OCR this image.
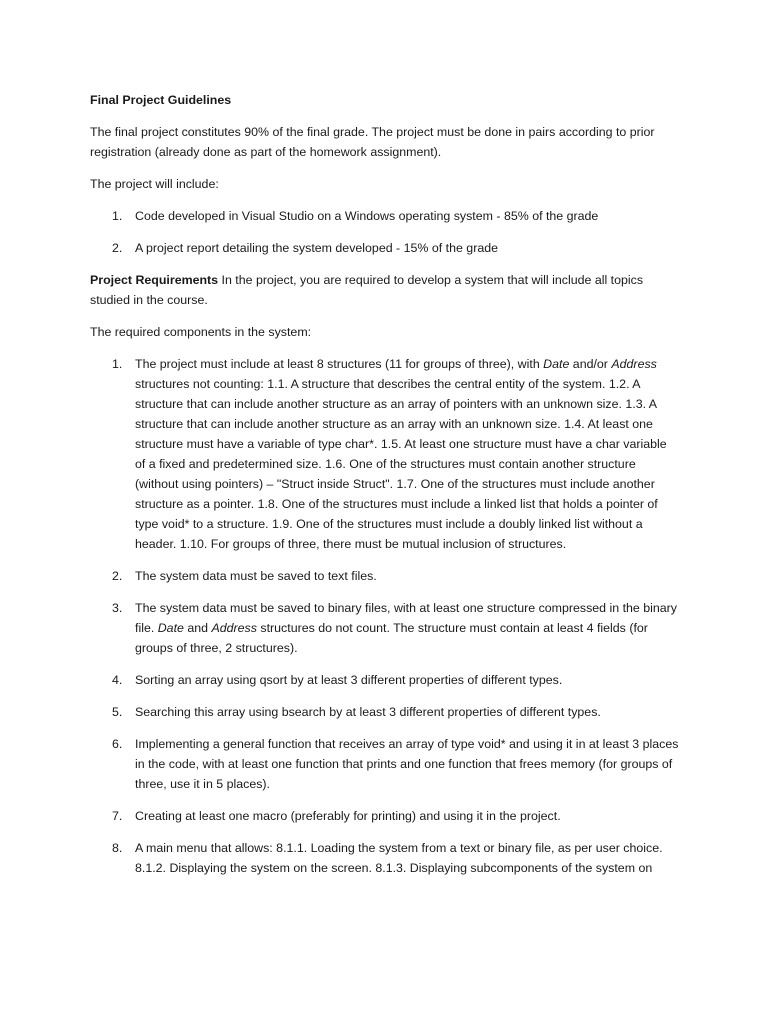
Final Project Guidelines

The final project constitutes 90% of the final grade. The project must be done in pairs according to prior registration (already done as part of the homework assignment).

The project will include:

1. Code developed in Visual Studio on a Windows operating system - 85% of the grade
2. A project report detailing the system developed - 15% of the grade

Project Requirements In the project, you are required to develop a system that will include all topics studied in the course.

The required components in the system:

1. The project must include at least 8 structures (11 for groups of three), with Date and/or Address structures not counting: 1.1. A structure that describes the central entity of the system. 1.2. A structure that can include another structure as an array of pointers with an unknown size. 1.3. A structure that can include another structure as an array with an unknown size. 1.4. At least one structure must have a variable of type char*. 1.5. At least one structure must have a char variable of a fixed and predetermined size. 1.6. One of the structures must contain another structure (without using pointers) – "Struct inside Struct". 1.7. One of the structures must include another structure as a pointer. 1.8. One of the structures must include a linked list that holds a pointer of type void* to a structure. 1.9. One of the structures must include a doubly linked list without a header. 1.10. For groups of three, there must be mutual inclusion of structures.
2. The system data must be saved to text files.
3. The system data must be saved to binary files, with at least one structure compressed in the binary file. Date and Address structures do not count. The structure must contain at least 4 fields (for groups of three, 2 structures).
4. Sorting an array using qsort by at least 3 different properties of different types.
5. Searching this array using bsearch by at least 3 different properties of different types.
6. Implementing a general function that receives an array of type void* and using it in at least 3 places in the code, with at least one function that prints and one function that frees memory (for groups of three, use it in 5 places).
7. Creating at least one macro (preferably for printing) and using it in the project.
8. A main menu that allows: 8.1.1. Loading the system from a text or binary file, as per user choice. 8.1.2. Displaying the system on the screen. 8.1.3. Displaying subcomponents of the system on
